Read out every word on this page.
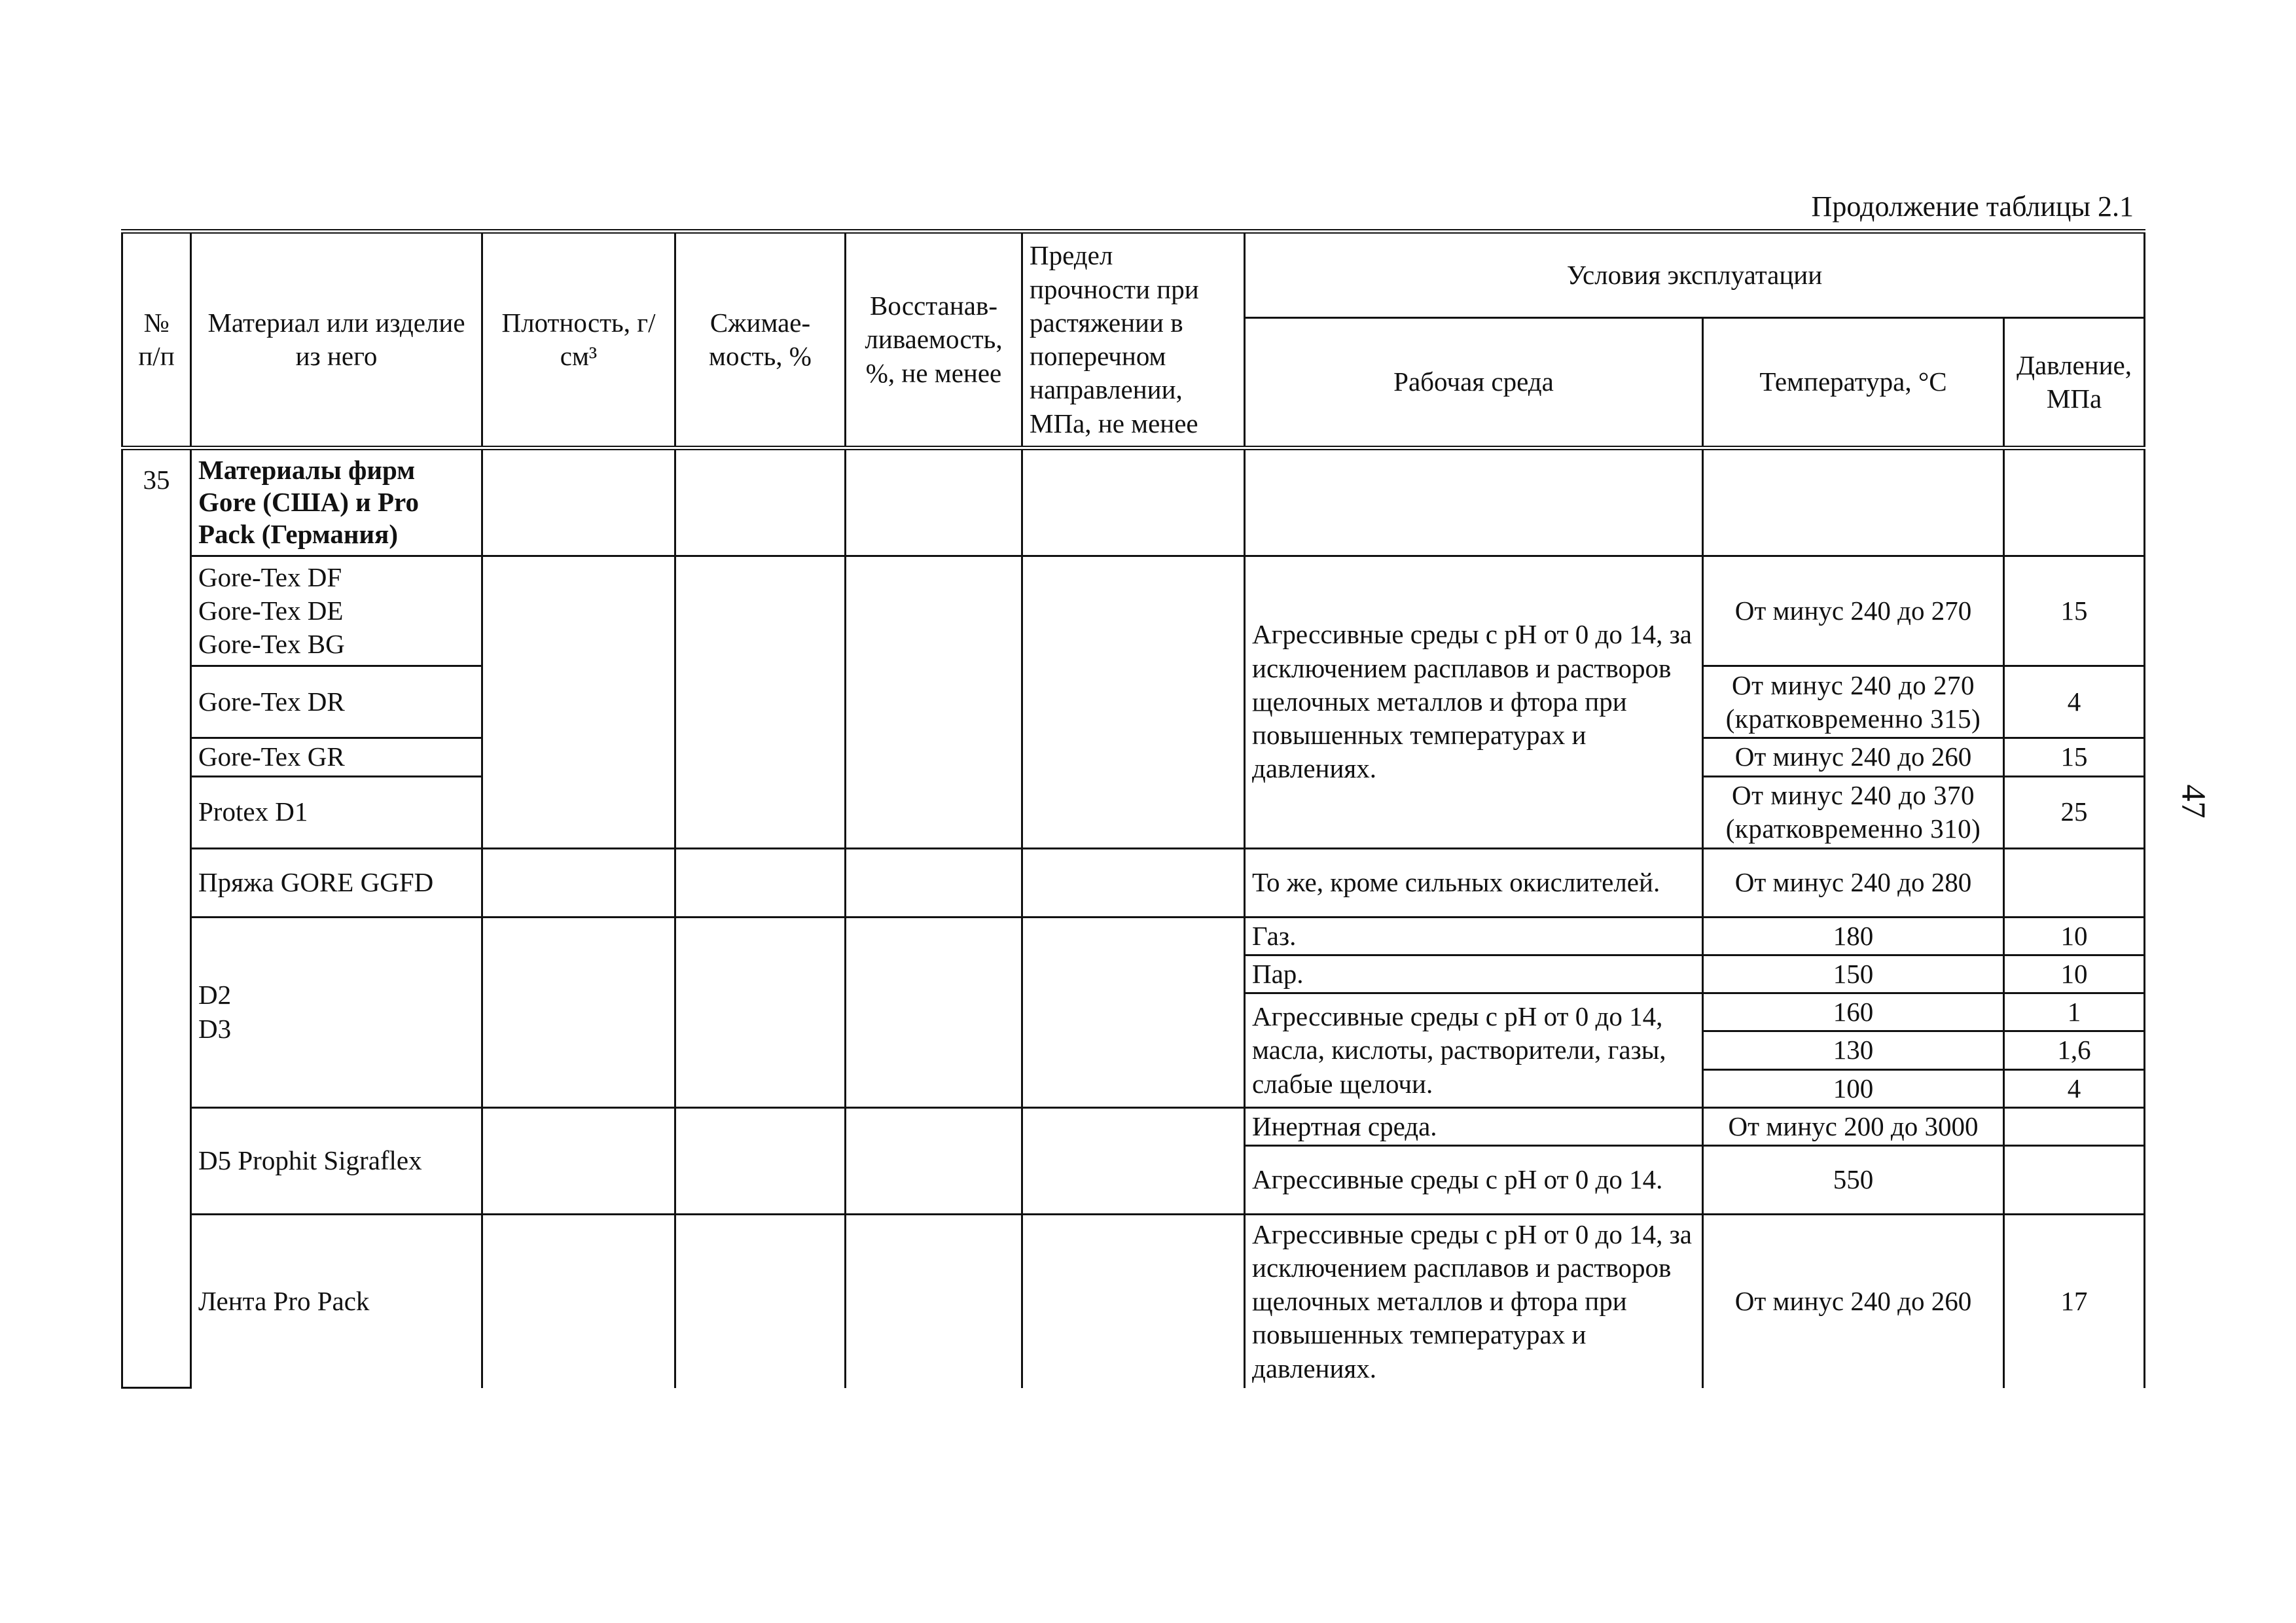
Продолжение таблицы 2.1
47
№ п/п	Материал или изделие из него	Плотность, г/см³	Сжимае-мость, %	Восстанав-ливаемость, %, не менее	Предел прочности при растяжении в поперечном направлении, МПа, не менее	Условия эксплуатации		
						Рабочая среда	Температура, °С	Давление, МПа
35	Материалы фирм Gore (США) и Pro Pack (Германия)							
	Gore-Tex DF
Gore-Tex DE
Gore-Tex BG					Агрессивные среды с pH от 0 до 14, за исключением расплавов и растворов щелочных металлов и фтора при повышенных температурах и давлениях.	От минус 240 до 270	15
	Gore-Tex DR						От минус 240 до 270
(кратковременно 315)	4
	Gore-Tex GR						От минус 240 до 260	15
	Protex D1						От минус 240 до 370
(кратковременно 310)	25
	Пряжа GORE GGFD					То же, кроме сильных окислителей.	От минус 240 до 280	
	D2
D3					Газ.	180	10
						Пар.	150	10
						Агрессивные среды с pH от 0 до 14, масла, кислоты, растворители, газы, слабые щелочи.	160	1
							130	1,6
							100	4
	D5 Prophit Sigraflex					Инертная среда.	От минус 200 до 3000	
						Агрессивные среды с pH от 0 до 14.	550	
	Лента Pro Pack					Агрессивные среды с pH от 0 до 14, за исключением расплавов и растворов щелочных металлов и фтора при повышенных температурах и давлениях.	От минус 240 до 260	17
